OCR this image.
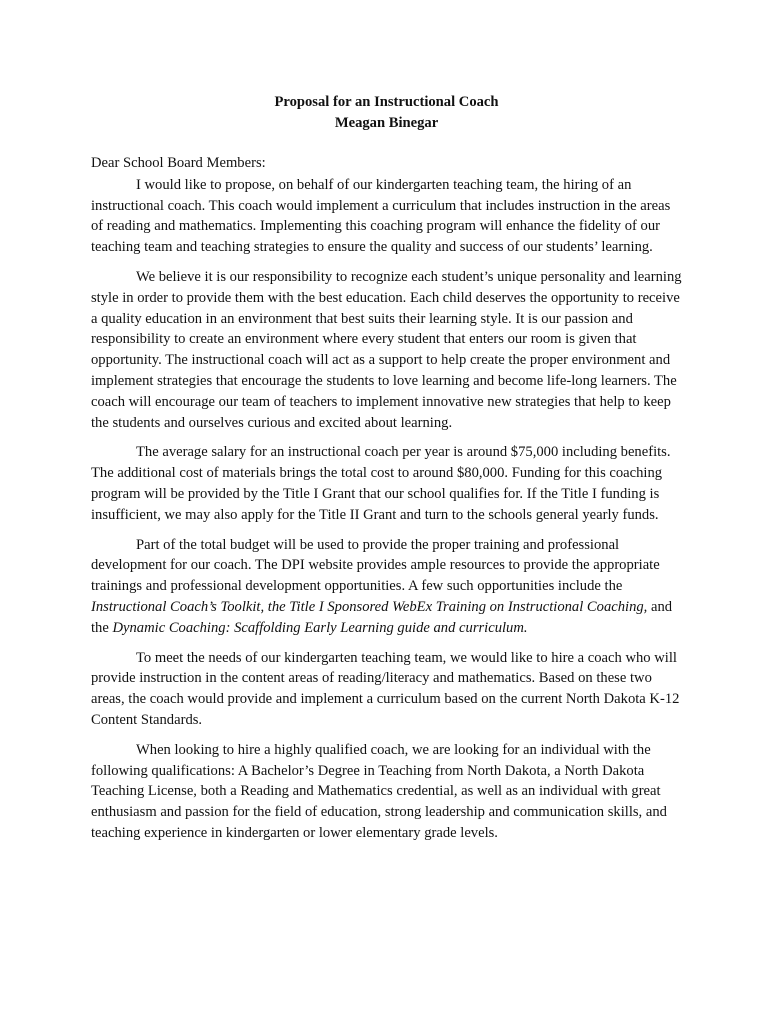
Proposal for an Instructional Coach
Meagan Binegar
Dear School Board Members:

I would like to propose, on behalf of our kindergarten teaching team, the hiring of an instructional coach. This coach would implement a curriculum that includes instruction in the areas of reading and mathematics. Implementing this coaching program will enhance the fidelity of our teaching team and teaching strategies to ensure the quality and success of our students’ learning.

We believe it is our responsibility to recognize each student’s unique personality and learning style in order to provide them with the best education. Each child deserves the opportunity to receive a quality education in an environment that best suits their learning style. It is our passion and responsibility to create an environment where every student that enters our room is given that opportunity. The instructional coach will act as a support to help create the proper environment and implement strategies that encourage the students to love learning and become life-long learners. The coach will encourage our team of teachers to implement innovative new strategies that help to keep the students and ourselves curious and excited about learning.

The average salary for an instructional coach per year is around $75,000 including benefits. The additional cost of materials brings the total cost to around $80,000. Funding for this coaching program will be provided by the Title I Grant that our school qualifies for. If the Title I funding is insufficient, we may also apply for the Title II Grant and turn to the schools general yearly funds.

Part of the total budget will be used to provide the proper training and professional development for our coach. The DPI website provides ample resources to provide the appropriate trainings and professional development opportunities. A few such opportunities include the Instructional Coach’s Toolkit, the Title I Sponsored WebEx Training on Instructional Coaching, and the Dynamic Coaching: Scaffolding Early Learning guide and curriculum.

To meet the needs of our kindergarten teaching team, we would like to hire a coach who will provide instruction in the content areas of reading/literacy and mathematics. Based on these two areas, the coach would provide and implement a curriculum based on the current North Dakota K-12 Content Standards.

When looking to hire a highly qualified coach, we are looking for an individual with the following qualifications: A Bachelor’s Degree in Teaching from North Dakota, a North Dakota Teaching License, both a Reading and Mathematics credential, as well as an individual with great enthusiasm and passion for the field of education, strong leadership and communication skills, and teaching experience in kindergarten or lower elementary grade levels.
